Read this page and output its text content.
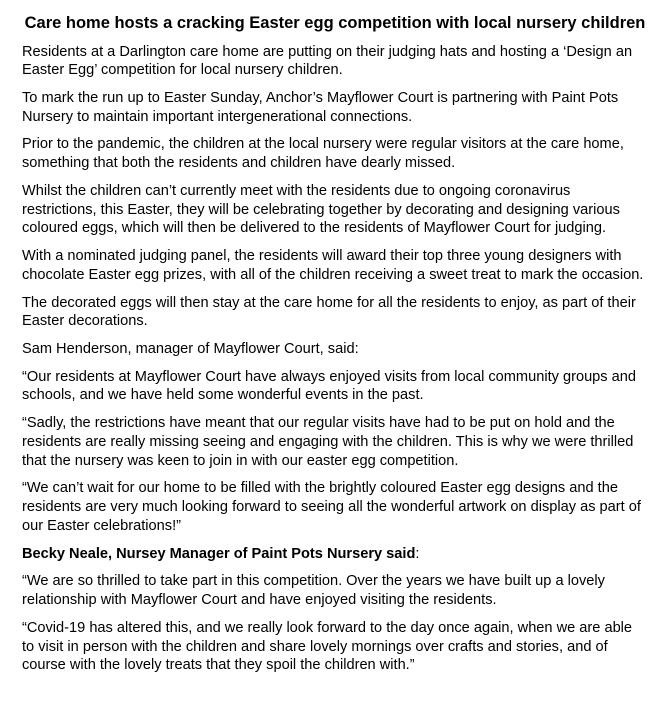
Care home hosts a cracking Easter egg competition with local nursery children

Residents at a Darlington care home are putting on their judging hats and hosting a ‘Design an Easter Egg’ competition for local nursery children.

To mark the run up to Easter Sunday, Anchor’s Mayflower Court is partnering with Paint Pots Nursery to maintain important intergenerational connections.

Prior to the pandemic, the children at the local nursery were regular visitors at the care home, something that both the residents and children have dearly missed.

Whilst the children can’t currently meet with the residents due to ongoing coronavirus restrictions, this Easter, they will be celebrating together by decorating and designing various coloured eggs, which will then be delivered to the residents of Mayflower Court for judging.

With a nominated judging panel, the residents will award their top three young designers with chocolate Easter egg prizes, with all of the children receiving a sweet treat to mark the occasion.

The decorated eggs will then stay at the care home for all the residents to enjoy, as part of their Easter decorations.

Sam Henderson, manager of Mayflower Court, said:

“Our residents at Mayflower Court have always enjoyed visits from local community groups and schools, and we have held some wonderful events in the past.

“Sadly, the restrictions have meant that our regular visits have had to be put on hold and the residents are really missing seeing and engaging with the children. This is why we were thrilled that the nursery was keen to join in with our easter egg competition.

“We can’t wait for our home to be filled with the brightly coloured Easter egg designs and the residents are very much looking forward to seeing all the wonderful artwork on display as part of our Easter celebrations!”

Becky Neale, Nursey Manager of Paint Pots Nursery said:

“We are so thrilled to take part in this competition. Over the years we have built up a lovely relationship with Mayflower Court and have enjoyed visiting the residents.

“Covid-19 has altered this, and we really look forward to the day once again, when we are able to visit in person with the children and share lovely mornings over crafts and stories, and of course with the lovely treats that they spoil the children with.”
